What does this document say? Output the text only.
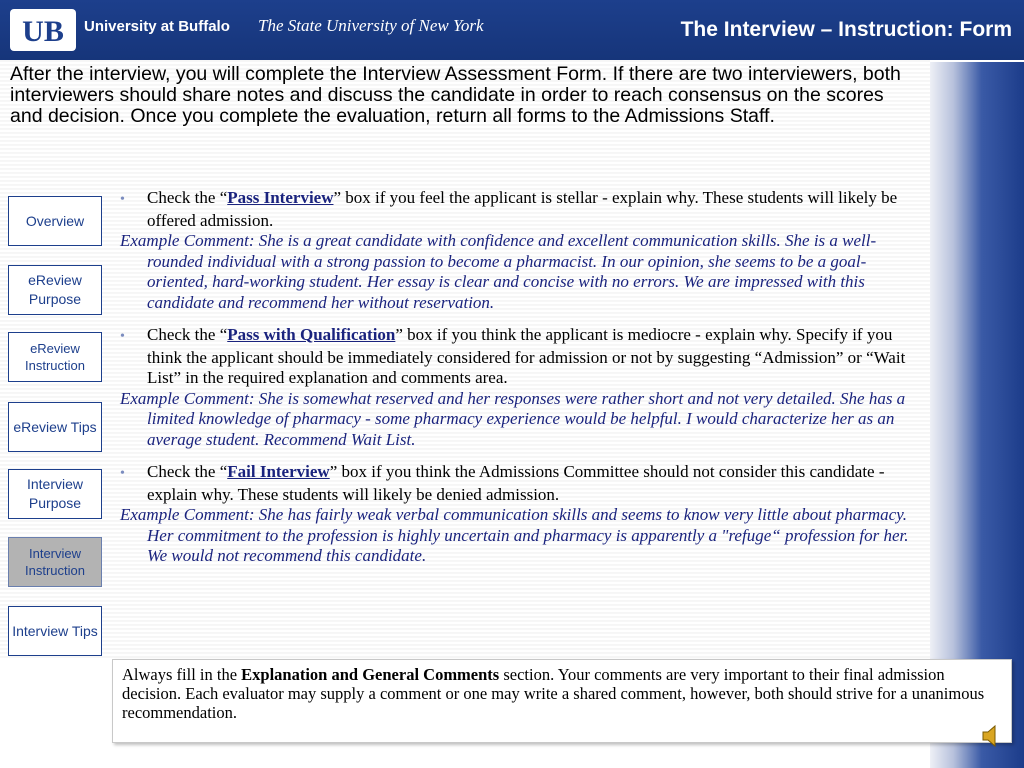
UB University at Buffalo The State University of New York	The Interview – Instruction: Form
After the interview, you will complete the Interview Assessment Form. If there are two interviewers, both interviewers should share notes and discuss the candidate in order to reach consensus on the scores and decision. Once you complete the evaluation, return all forms to the Admissions Staff.
Overview
eReview Purpose
eReview Instruction
eReview Tips
Interview Purpose
Interview Instruction
Interview Tips
• Check the “Pass Interview” box if you feel the applicant is stellar - explain why. These students will likely be offered admission.
Example Comment: She is a great candidate with confidence and excellent communication skills. She is a well-rounded individual with a strong passion to become a pharmacist. In our opinion, she seems to be a goal-oriented, hard-working student. Her essay is clear and concise with no errors. We are impressed with this candidate and recommend her without reservation.
• Check the “Pass with Qualification” box if you think the applicant is mediocre - explain why. Specify if you think the applicant should be immediately considered for admission or not by suggesting “Admission” or “Wait List” in the required explanation and comments area.
Example Comment: She is somewhat reserved and her responses were rather short and not very detailed. She has a limited knowledge of pharmacy - some pharmacy experience would be helpful. I would characterize her as an average student. Recommend Wait List.
• Check the “Fail Interview” box if you think the Admissions Committee should not consider this candidate - explain why. These students will likely be denied admission.
Example Comment: She has fairly weak verbal communication skills and seems to know very little about pharmacy. Her commitment to the profession is highly uncertain and pharmacy is apparently a "refuge“ profession for her. We would not recommend this candidate.
Always fill in the Explanation and General Comments section. Your comments are very important to their final admission decision. Each evaluator may supply a comment or one may write a shared comment, however, both should strive for a unanimous recommendation.
